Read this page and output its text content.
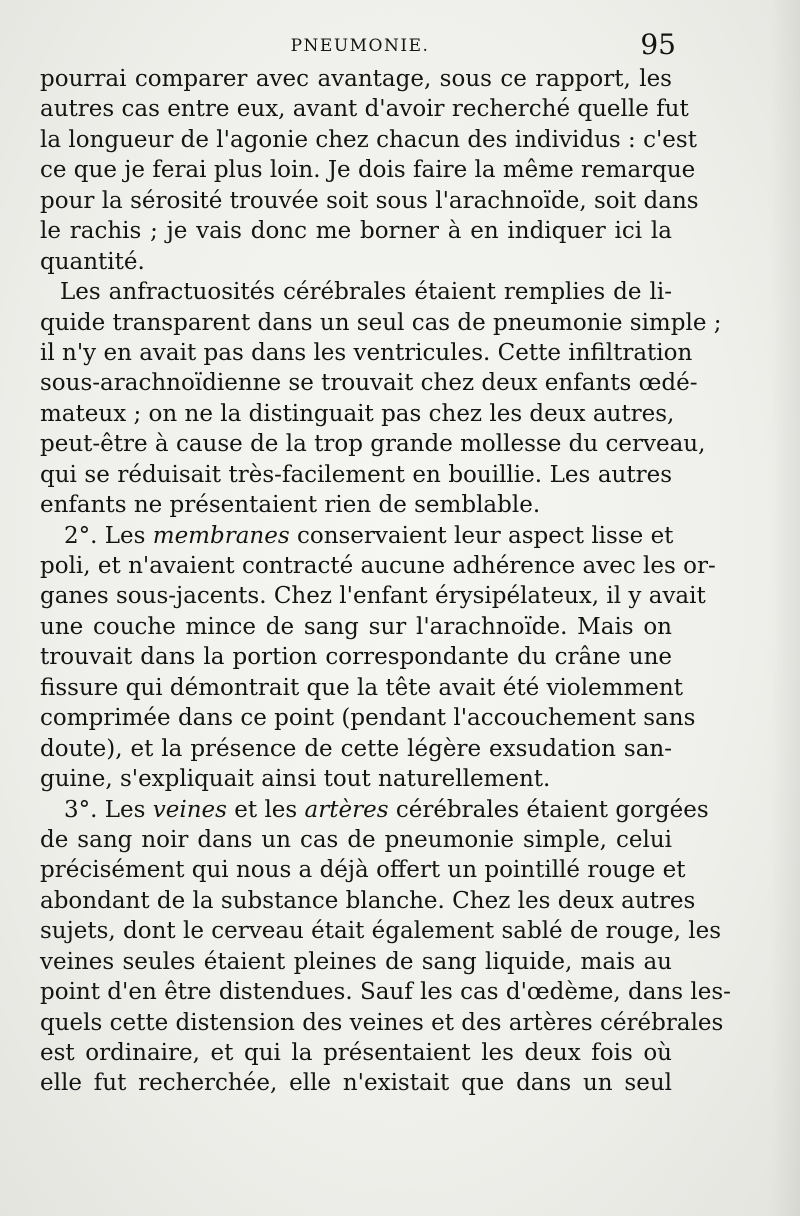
PNEUMONIE.	95
pourrai comparer avec avantage, sous ce rapport, les
autres cas entre eux, avant d'avoir recherché quelle fut
la longueur de l'agonie chez chacun des individus : c'est
ce que je ferai plus loin. Je dois faire la même remarque
pour la sérosité trouvée soit sous l'arachnoïde, soit dans
le rachis ; je vais donc me borner à en indiquer ici la
quantité.
Les anfractuosités cérébrales étaient remplies de li-
quide transparent dans un seul cas de pneumonie simple ;
il n'y en avait pas dans les ventricules. Cette infiltration
sous-arachnoïdienne se trouvait chez deux enfants œdé-
mateux ; on ne la distinguait pas chez les deux autres,
peut-être à cause de la trop grande mollesse du cerveau,
qui se réduisait très-facilement en bouillie. Les autres
enfants ne présentaient rien de semblable.
2°. Les membranes conservaient leur aspect lisse et
poli, et n'avaient contracté aucune adhérence avec les or-
ganes sous-jacents. Chez l'enfant érysipélateux, il y avait
une couche mince de sang sur l'arachnoïde. Mais on
trouvait dans la portion correspondante du crâne une
fissure qui démontrait que la tête avait été violemment
comprimée dans ce point (pendant l'accouchement sans
doute), et la présence de cette légère exsudation san-
guine, s'expliquait ainsi tout naturellement.
3°. Les veines et les artères cérébrales étaient gorgées
de sang noir dans un cas de pneumonie simple, celui
précisément qui nous a déjà offert un pointillé rouge et
abondant de la substance blanche. Chez les deux autres
sujets, dont le cerveau était également sablé de rouge, les
veines seules étaient pleines de sang liquide, mais au
point d'en être distendues. Sauf les cas d'œdème, dans les-
quels cette distension des veines et des artères cérébrales
est ordinaire, et qui la présentaient les deux fois où
elle fut recherchée, elle n'existait que dans un seul
